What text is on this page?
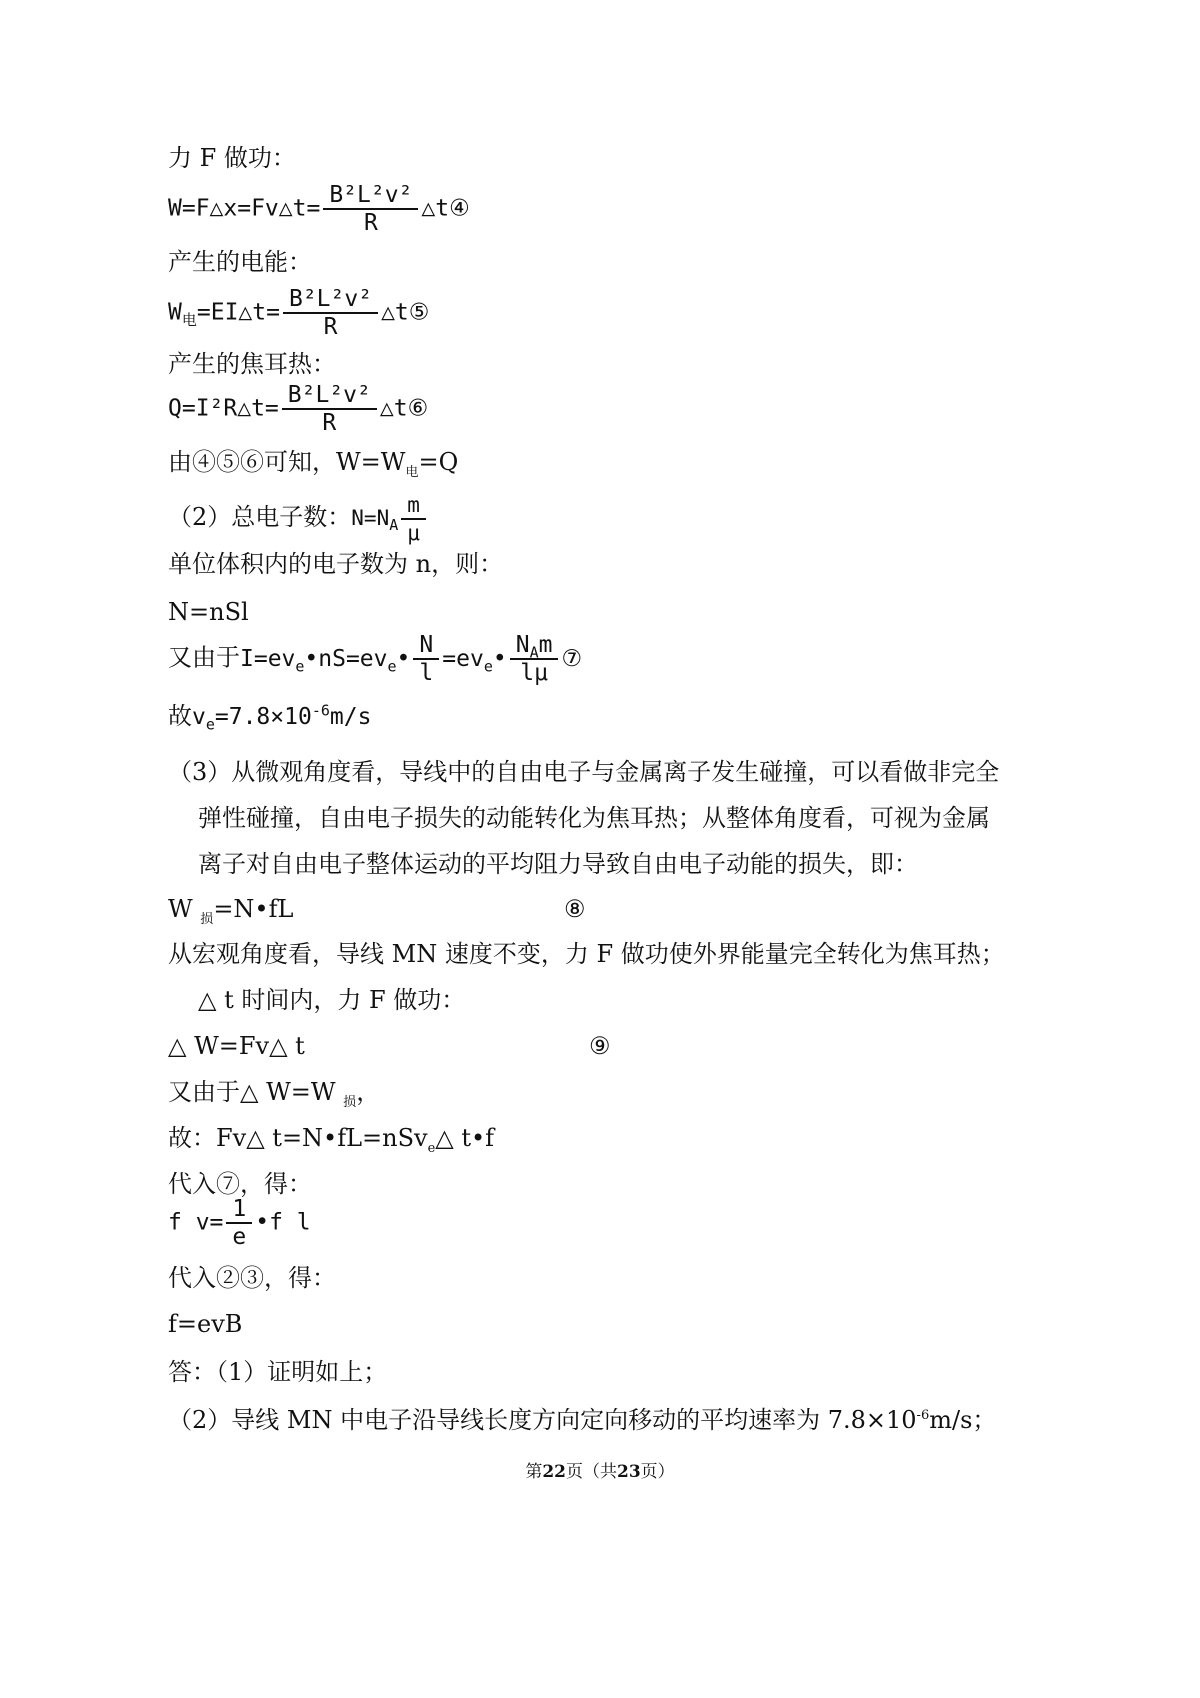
力 F 做功：

W=F△x=Fv△t= $\frac{\text{B²L²v²}}{R}$ △t④

产生的电能：

$W_电=EI\triangle t= \frac{\text{B²L²v²}}{R}$ △t⑤

产生的焦耳热：

Q=I²R△t= $\frac{\text{B²L²v²}}{R}$ △t⑥

由④⑤⑥可知，$W=W_电=Q$

（2）总电子数：$N=N_A \frac{m}{\mu}$

单位体积内的电子数为 n，则：

N=nSl

又由于$I=ev_e•nS=ev_e• \frac{N}{l}$ $=ev_e• \frac{N_Am}{l\mu}$ ⑦
故$v_e=7.8\times 10^{-6}m/s$

（3）从微观角度看，导线中的自由电子与金属离子发生碰撞，可以看做非完全

弹性碰撞，自由电子损失的动能转化为焦耳热；从整体角度看，可视为金属

离子对自由电子整体运动的平均阻力导致自由电子动能的损失，即：

W $_损$=N•fL	⑧

从宏观角度看，导线 MN 速度不变，力 F 做功使外界能量完全转化为焦耳热；

△ t 时间内，力 F 做功：

△ W=Fv△ t	⑨

又由于△ W=W $_损$，

故：Fv△ t=N•fL=nSv$_e$△ t•f

代入⑦，得：

f $v= \frac{1}{e}$ •f l

代入②③，得：

f=evB

答：（1）证明如上；

（2）导线 MN 中电子沿导线长度方向定向移动的平均速率为 $7.8\times 10^{-6}m/s$；

第22页（共23页）
